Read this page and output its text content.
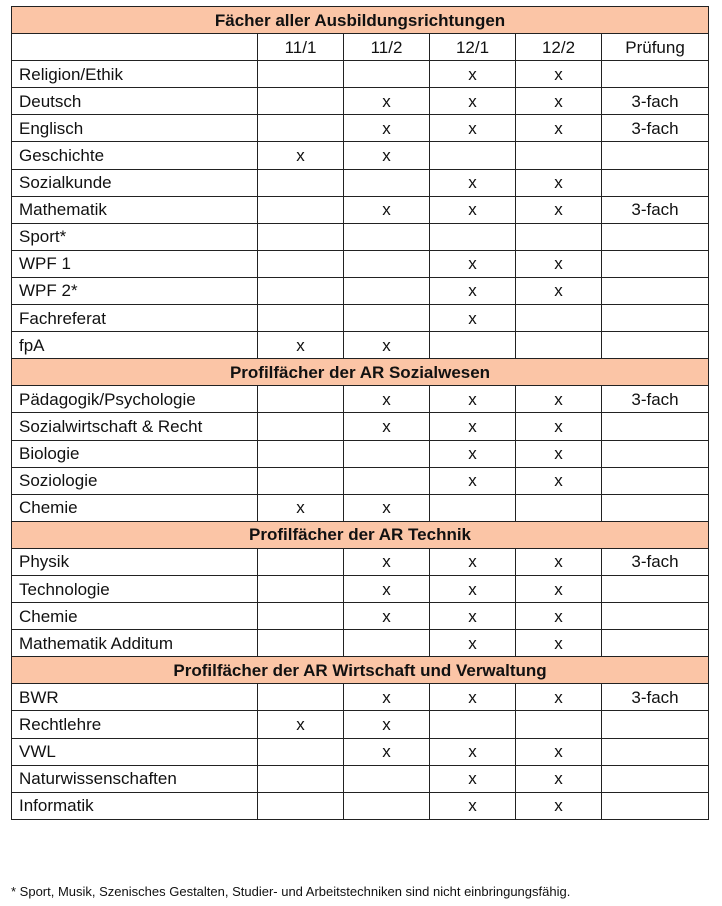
Fächer aller Ausbildungsrichtungen					
	11/1	11/2	12/1	12/2	Prüfung
Religion/Ethik			x	x	
Deutsch		x	x	x	3-fach
Englisch		x	x	x	3-fach
Geschichte	x	x			
Sozialkunde			x	x	
Mathematik		x	x	x	3-fach
Sport*					
WPF 1			x	x	
WPF 2*			x	x	
Fachreferat			x		
fpA	x	x			
Profilfächer der AR Sozialwesen					
Pädagogik/Psychologie		x	x	x	3-fach
Sozialwirtschaft & Recht		x	x	x	
Biologie			x	x	
Soziologie			x	x	
Chemie	x	x			
Profilfächer der AR Technik					
Physik		x	x	x	3-fach
Technologie		x	x	x	
Chemie		x	x	x	
Mathematik Additum			x	x	
Profilfächer der AR Wirtschaft und Verwaltung					
BWR		x	x	x	3-fach
Rechtlehre	x	x			
VWL		x	x	x	
Naturwissenschaften			x	x	
Informatik			x	x	
* Sport, Musik, Szenisches Gestalten, Studier- und Arbeitstechniken sind nicht einbringungsfähig.
